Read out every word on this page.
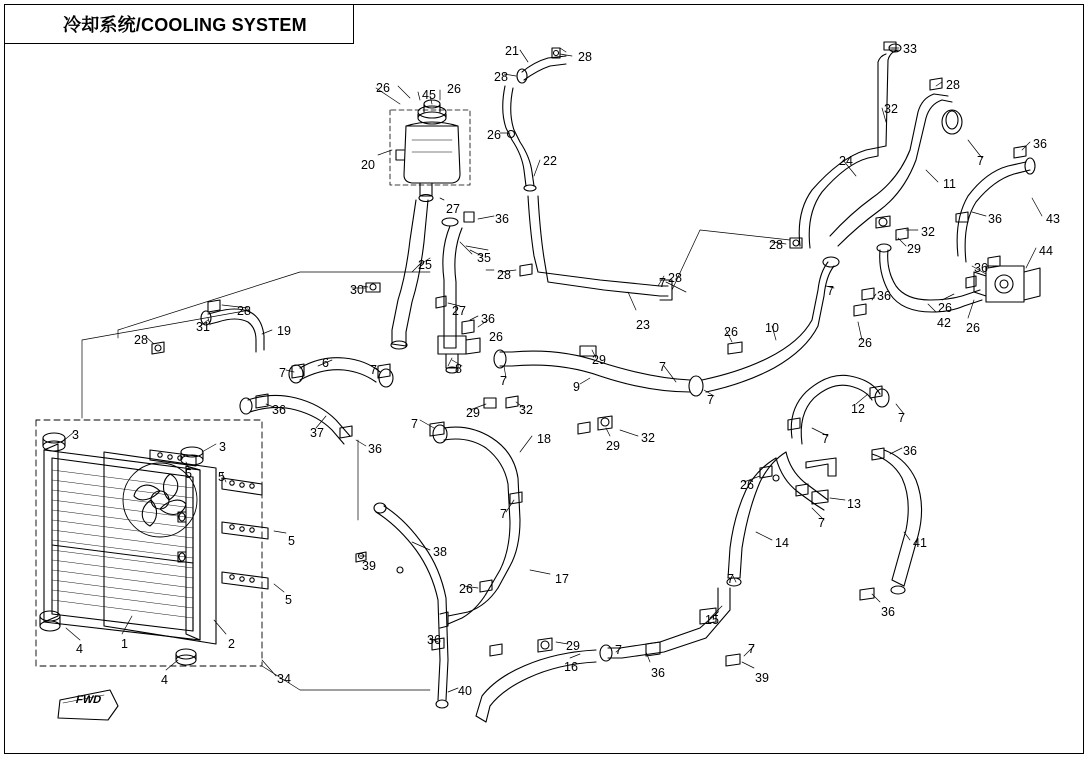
冷却系统/COOLING SYSTEM
FWD
1	2
3
3
4
4
5 5
5
5
6
7	7
7
7
7
7
7
7
7
7
7
7
7
7
7
7
8
9
10
11
12
13
14
15
16
17
18
19
20
21
22
23
24
25
26	26
26
26	26
26
26
26
26
26
27
27
28
28
28
28
28	28
28
28
29
29
29
29
29
30
31
32
32
32
32
33
34
35
36
36
36
36
36
36
36
36	36
36
36
36
37
38
39
39
40
41
42
43
44
45
